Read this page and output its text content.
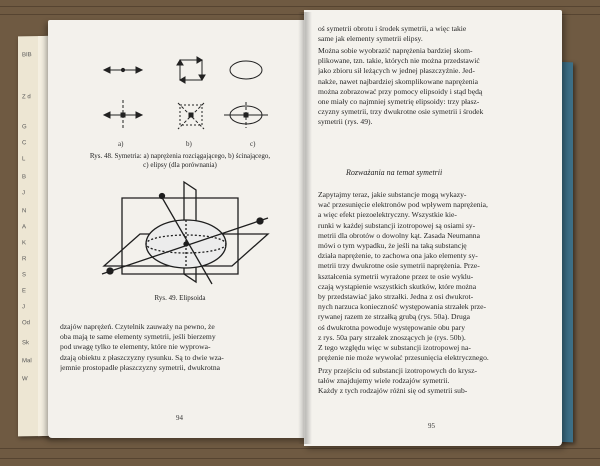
BIB
Z d
G
C
L
B
J
N
A
K
R
S
E
J
Od
Sk
Mal
W
a)	b)	c)
Rys. 48. Symetria: a) naprężenia rozciągającego, b) ścinającego,
c) elipsy (dla porównania)
Rys. 49. Elipsoida
dzajów naprężeń. Czytelnik zauważy na pewno, że
oba mają te same elementy symetrii, jeśli bierzemy
pod uwagę tylko te elementy, które nie wyprowa-
dzają obiektu z płaszczyzny rysunku. Są to dwie wza-
jemnie prostopadłe płaszczyzny symetrii, dwukrotna
94
oś symetrii obrotu i środek symetrii, a więc takie
same jak elementy symetrii elipsy.
Można sobie wyobrazić naprężenia bardziej skom-
plikowane, tzn. takie, których nie można przedstawić
jako zbioru sił leżących w jednej płaszczyźnie. Jed-
nakże, nawet najbardziej skomplikowane naprężenia
można zobrazować przy pomocy elipsoidy i stąd będą
one miały co najmniej symetrię elipsoidy: trzy płasz-
czyzny symetrii, trzy dwukrotne osie symetrii i środek
symetrii (rys. 49).
Rozważania na temat symetrii
Zapytajmy teraz, jakie substancje mogą wykazy-
wać przesunięcie elektronów pod wpływem naprężenia,
a więc efekt piezoelektryczny. Wszystkie kie-
runki w każdej substancji izotropowej są osiami sy-
metrii dla obrotów o dowolny kąt. Zasada Neumanna
mówi o tym wypadku, że jeśli na taką substancję
działa naprężenie, to zachowa ona jako elementy sy-
metrii trzy dwukrotne osie symetrii naprężenia. Prze-
kształcenia symetrii wyrażone przez te osie wyklu-
czają wystąpienie wszystkich skutków, które można
by przedstawiać jako strzałki. Jedna z osi dwukrot-
nych narzuca konieczność występowania strzałek prze-
rywanej razem ze strzałką grubą (rys. 50a). Druga
oś dwukrotna powoduje występowanie obu pary
z rys. 50a pary strzałek znoszących je (rys. 50b).
Z tego względu więc w substancji izotropowej na-
prężenie nie może wywołać przesunięcia elektrycznego.
Przy przejściu od substancji izotropowych do krysz-
tałów znajdujemy wiele rodzajów symetrii.
Każdy z tych rodzajów różni się od symetrii sub-
95
